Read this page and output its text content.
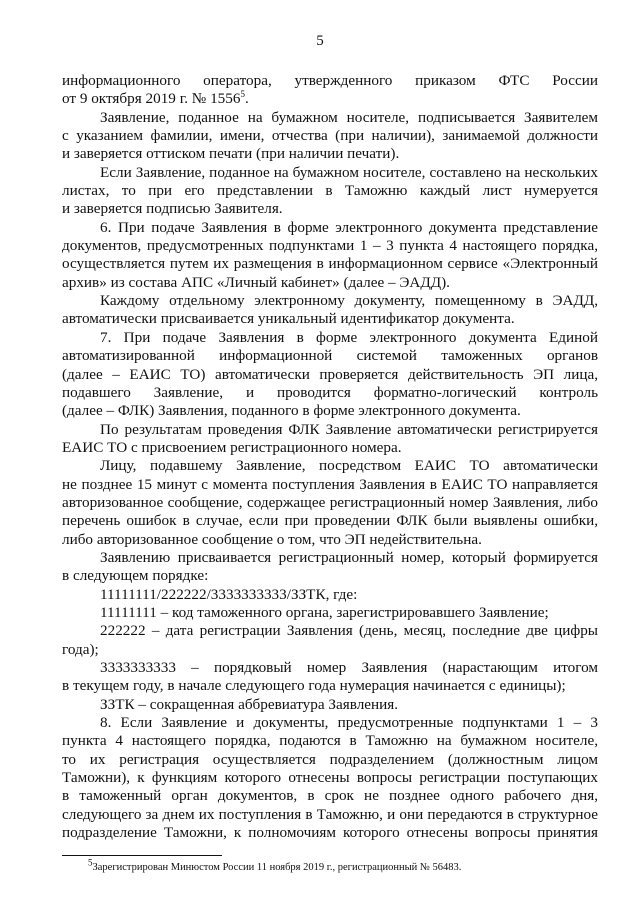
5
информационного оператора, утвержденного приказом ФТС России
от 9 октября 2019 г. № 1556$^5$.
Заявление, поданное на бумажном носителе, подписывается Заявителем
с указанием фамилии, имени, отчества (при наличии), занимаемой должности
и заверяется оттиском печати (при наличии печати).
Если Заявление, поданное на бумажном носителе, составлено на нескольких
листах, то при его представлении в Таможню каждый лист нумеруется
и заверяется подписью Заявителя.
6. При подаче Заявления в форме электронного документа представление
документов, предусмотренных подпунктами 1 – 3 пункта 4 настоящего порядка,
осуществляется путем их размещения в информационном сервисе «Электронный
архив» из состава АПС «Личный кабинет» (далее – ЭАДД).
Каждому отдельному электронному документу, помещенному в ЭАДД,
автоматически присваивается уникальный идентификатор документа.
7. При подаче Заявления в форме электронного документа Единой
автоматизированной информационной системой таможенных органов
(далее – ЕАИС ТО) автоматически проверяется действительность ЭП лица,
подавшего Заявление, и проводится форматно-логический контроль
(далее – ФЛК) Заявления, поданного в форме электронного документа.
По результатам проведения ФЛК Заявление автоматически регистрируется
ЕАИС ТО с присвоением регистрационного номера.
Лицу, подавшему Заявление, посредством ЕАИС ТО автоматически
не позднее 15 минут с момента поступления Заявления в ЕАИС ТО направляется
авторизованное сообщение, содержащее регистрационный номер Заявления, либо
перечень ошибок в случае, если при проведении ФЛК были выявлены ошибки,
либо авторизованное сообщение о том, что ЭП недействительна.
Заявлению присваивается регистрационный номер, который формируется
в следующем порядке:
11111111/222222/3333333333/ЗЗТК, где:
11111111 – код таможенного органа, зарегистрировавшего Заявление;
222222 – дата регистрации Заявления (день, месяц, последние две цифры
года);
3333333333 – порядковый номер Заявления (нарастающим итогом
в текущем году, в начале следующего года нумерация начинается с единицы);
ЗЗТК – сокращенная аббревиатура Заявления.
8. Если Заявление и документы, предусмотренные подпунктами 1 – 3
пункта 4 настоящего порядка, подаются в Таможню на бумажном носителе,
то их регистрация осуществляется подразделением (должностным лицом
Таможни), к функциям которого отнесены вопросы регистрации поступающих
в таможенный орган документов, в срок не позднее одного рабочего дня,
следующего за днем их поступления в Таможню, и они передаются в структурное
подразделение Таможни, к полномочиям которого отнесены вопросы принятия
$^5$Зарегистрирован Минюстом России 11 ноября 2019 г., регистрационный № 56483.
